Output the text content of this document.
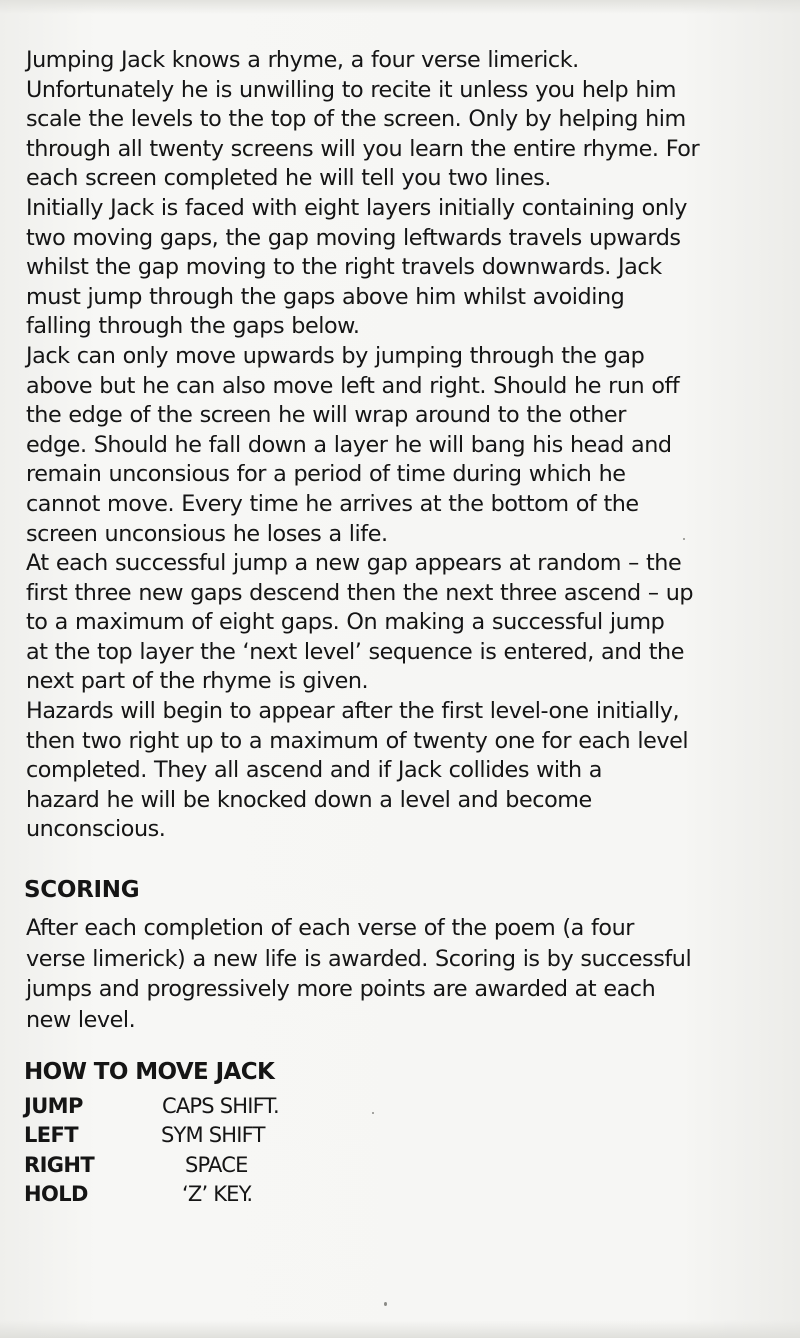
Jumping Jack knows a rhyme, a four verse limerick.
Unfortunately he is unwilling to recite it unless you help him
scale the levels to the top of the screen. Only by helping him
through all twenty screens will you learn the entire rhyme. For
each screen completed he will tell you two lines.

Initially Jack is faced with eight layers initially containing only
two moving gaps, the gap moving leftwards travels upwards
whilst the gap moving to the right travels downwards. Jack
must jump through the gaps above him whilst avoiding
falling through the gaps below.

Jack can only move upwards by jumping through the gap
above but he can also move left and right. Should he run off
the edge of the screen he will wrap around to the other
edge. Should he fall down a layer he will bang his head and
remain unconsious for a period of time during which he
cannot move. Every time he arrives at the bottom of the
screen unconsious he loses a life.

At each successful jump a new gap appears at random – the
first three new gaps descend then the next three ascend – up
to a maximum of eight gaps. On making a successful jump
at the top layer the ‘next level’ sequence is entered, and the
next part of the rhyme is given.

Hazards will begin to appear after the first level-one initially,
then two right up to a maximum of twenty one for each level
completed. They all ascend and if Jack collides with a
hazard he will be knocked down a level and become
unconscious.

SCORING

After each completion of each verse of the poem (a four
verse limerick) a new life is awarded. Scoring is by successful
jumps and progressively more points are awarded at each
new level.

HOW TO MOVE JACK
JUMP	CAPS SHIFT.
LEFT	SYM SHIFT
RIGHT	SPACE
HOLD	‘Z’ KEY.
